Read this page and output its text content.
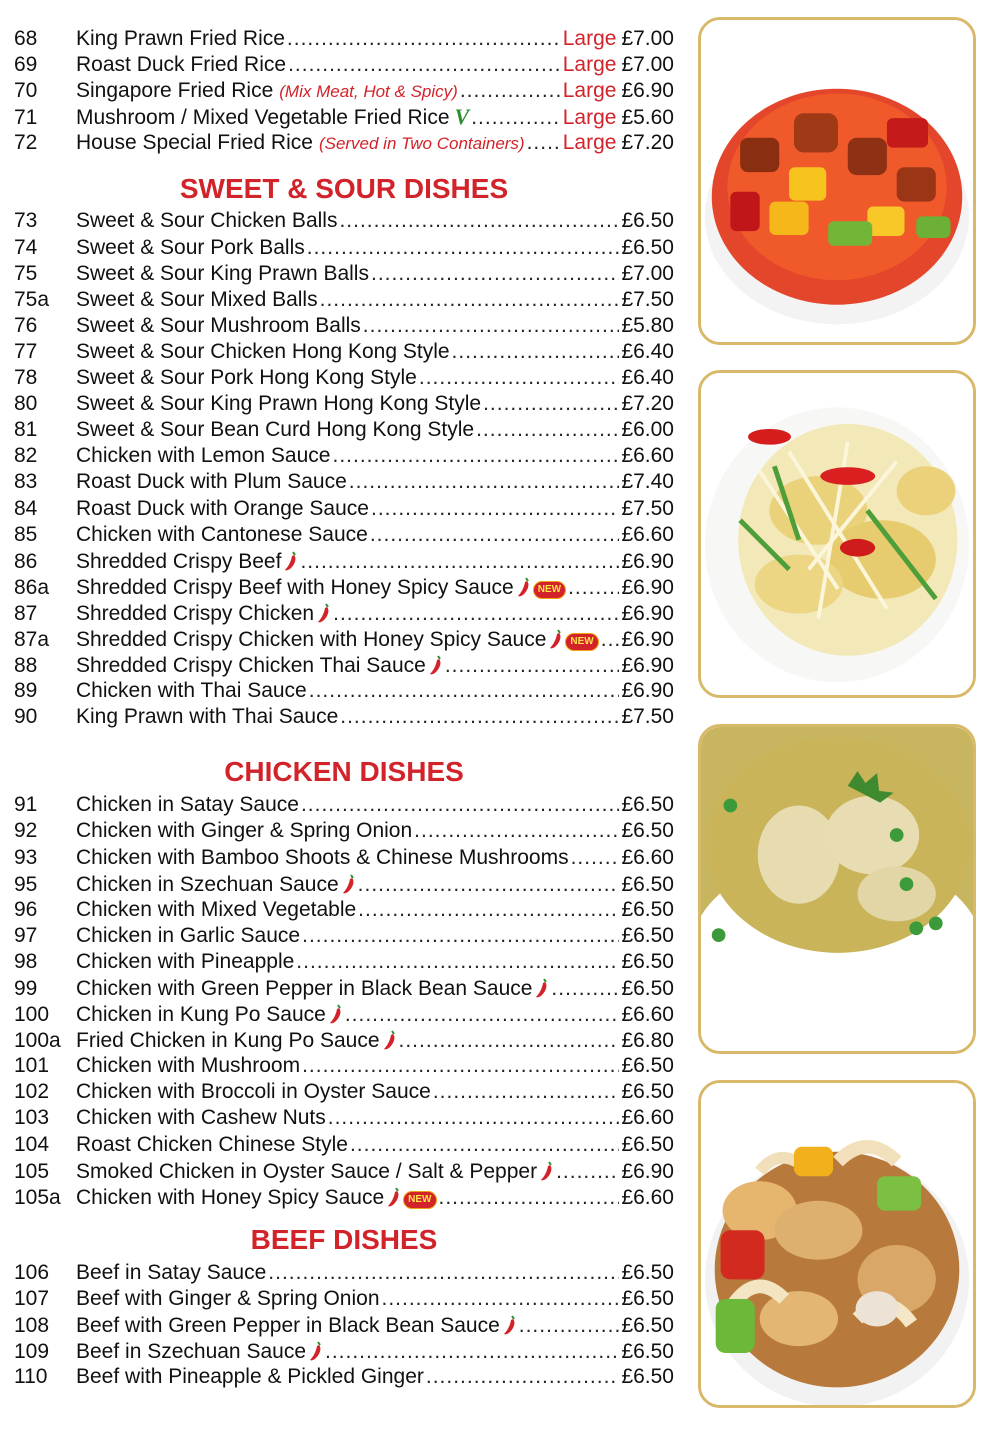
68	King Prawn Fried Rice .....	Large £7.00
69	Roast Duck Fried Rice .....	Large £7.00
70	Singapore Fried Rice (Mix Meat, Hot & Spicy) .....	Large £6.90
71	Mushroom / Mixed Vegetable Fried Rice V .....	Large £5.60
72	House Special Fried Rice (Served in Two Containers) ..... Large £7.20
SWEET & SOUR DISHES
73	Sweet & Sour Chicken Balls .....	£6.50
74	Sweet & Sour Pork Balls .....	£6.50
75	Sweet & Sour King Prawn Balls .....	£7.00
75a	Sweet & Sour Mixed Balls .....	£7.50
76	Sweet & Sour Mushroom Balls .....	£5.80
77	Sweet & Sour Chicken Hong Kong Style .....	£6.40
78	Sweet & Sour Pork Hong Kong Style .....	£6.40
80	Sweet & Sour King Prawn Hong Kong Style .....	£7.20
81	Sweet & Sour Bean Curd Hong Kong Style .....	£6.00
82	Chicken with Lemon Sauce .....	£6.60
83	Roast Duck with Plum Sauce .....	£7.40
84	Roast Duck with Orange Sauce .....	£7.50
85	Chicken with Cantonese Sauce .....	£6.60
86	Shredded Crispy Beef .....	£6.90
86a	Shredded Crispy Beef with Honey Spicy Sauce	NEW .....	£6.90
87	Shredded Crispy Chicken .....	£6.90
87a	Shredded Crispy Chicken with Honey Spicy Sauce	NEW ..... £6.90
88	Shredded Crispy Chicken Thai Sauce .....	£6.90
89	Chicken with Thai Sauce .....	£6.90
90	King Prawn with Thai Sauce .....	£7.50
CHICKEN DISHES
91	Chicken in Satay Sauce .....	£6.50
92	Chicken with Ginger & Spring Onion .....	£6.50
93	Chicken with Bamboo Shoots & Chinese Mushrooms .....	£6.60
95	Chicken in Szechuan Sauce .....	£6.50
96	Chicken with Mixed Vegetable .....	£6.50
97	Chicken in Garlic Sauce .....	£6.50
98	Chicken with Pineapple .....	£6.50
99	Chicken with Green Pepper in Black Bean Sauce .....	£6.50
100	Chicken in Kung Po Sauce .....	£6.60
100a Fried Chicken in Kung Po Sauce .....	£6.80
101	Chicken with Mushroom .....	£6.50
102	Chicken with Broccoli in Oyster Sauce .....	£6.50
103	Chicken with Cashew Nuts .....	£6.60
104	Roast Chicken Chinese Style .....	£6.50
105	Smoked Chicken in Oyster Sauce / Salt & Pepper .....	£6.90
105a Chicken with Honey Spicy Sauce	NEW .....	£6.60
BEEF DISHES
106	Beef in Satay Sauce .....	£6.50
107	Beef with Ginger & Spring Onion .....	£6.50
108	Beef with Green Pepper in Black Bean Sauce .....	£6.50
109	Beef in Szechuan Sauce .....	£6.50
110	Beef with Pineapple & Pickled Ginger .....	£6.50
